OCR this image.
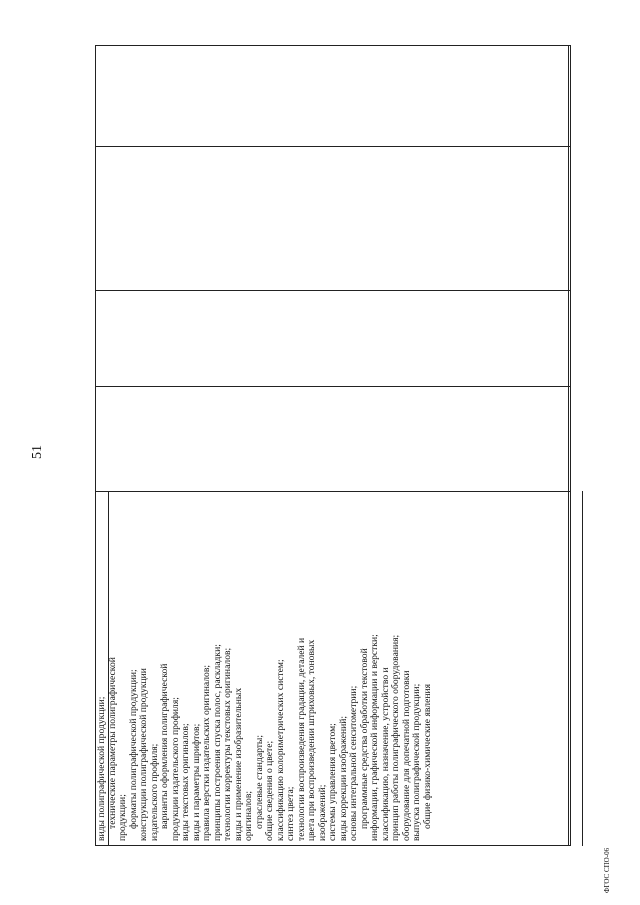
51
виды полиграфической продукции; технические параметры полиграфической продукции; форматы полиграфической продукции; конструкции полиграфической продукции издательского профиля; варианты оформления полиграфической продукции издательского профиля; виды текстовых оригиналов; виды и параметры шрифтов; правила верстки издательских оригиналов; принципы построения спуска полос, раскладки; технологии корректуры текстовых оригиналов; виды и применение изобразительных оригиналов; отраслевые стандарты; общие сведения о цвете; классификацию колориметрических систем; синтез цвета; технологии воспроизведения градации, деталей и цвета при воспроизведении штриховых, тоновых изображений; системы управления цветом; виды коррекции изображений; основы интегральной сенситометрии; программные средства обработки текстовой информации, графической информации и верстки; классификацию, назначение, устройство и принцип работы полиграфического оборудования; оборудование для допечатной подготовки выпуска полиграфической продукции; общие физико-химические явления
ФГОС СПО-06
